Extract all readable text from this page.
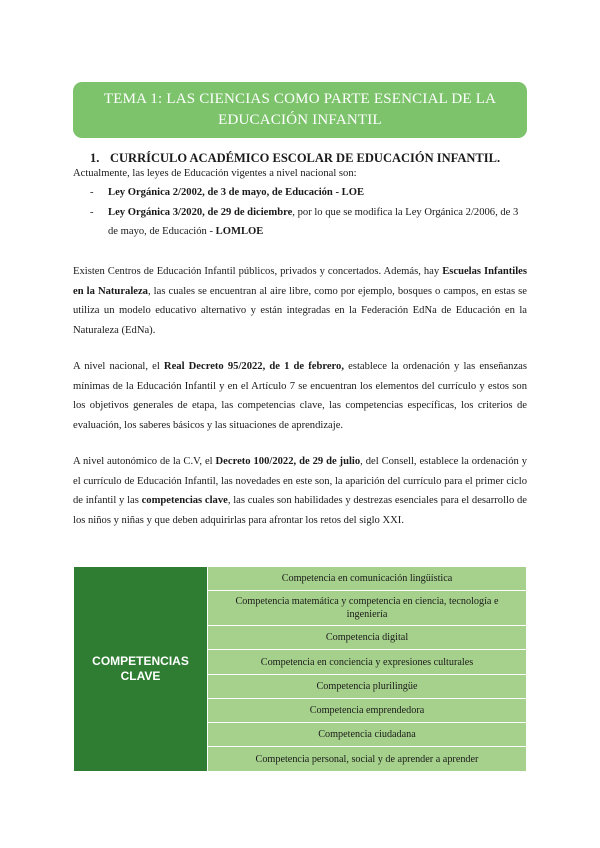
TEMA 1: LAS CIENCIAS COMO PARTE ESENCIAL DE LA
EDUCACIÓN INFANTIL
1. CURRÍCULO ACADÉMICO ESCOLAR DE EDUCACIÓN INFANTIL.
Actualmente, las leyes de Educación vigentes a nivel nacional son:
- Ley Orgánica 2/2002, de 3 de mayo, de Educación - LOE
- Ley Orgánica 3/2020, de 29 de diciembre, por lo que se modifica la Ley Orgánica 2/2006, de 3 de mayo, de Educación - LOMLOE
Existen Centros de Educación Infantil públicos, privados y concertados. Además, hay Escuelas Infantiles en la Naturaleza, las cuales se encuentran al aire libre, como por ejemplo, bosques o campos, en estas se utiliza un modelo educativo alternativo y están integradas en la Federación EdNa de Educación en la Naturaleza (EdNa).
A nivel nacional, el Real Decreto 95/2022, de 1 de febrero, establece la ordenación y las enseñanzas mínimas de la Educación Infantil y en el Artículo 7 se encuentran los elementos del currículo y estos son los objetivos generales de etapa, las competencias clave, las competencias específicas, los criterios de evaluación, los saberes básicos y las situaciones de aprendizaje.
A nivel autonómico de la C.V, el Decreto 100/2022, de 29 de julio, del Consell, establece la ordenación y el currículo de Educación Infantil, las novedades en este son, la aparición del currículo para el primer ciclo de infantil y las competencias clave, las cuales son habilidades y destrezas esenciales para el desarrollo de los niños y niñas y que deben adquirirlas para afrontar los retos del siglo XXI.
COMPETENCIAS CLAVE	Competencia en comunicación lingüística
Competencia matemática y competencia en ciencia, tecnología e ingeniería
Competencia digital
Competencia en conciencia y expresiones culturales
Competencia plurilingüe
Competencia emprendedora
Competencia ciudadana
Competencia personal, social y de aprender a aprender
